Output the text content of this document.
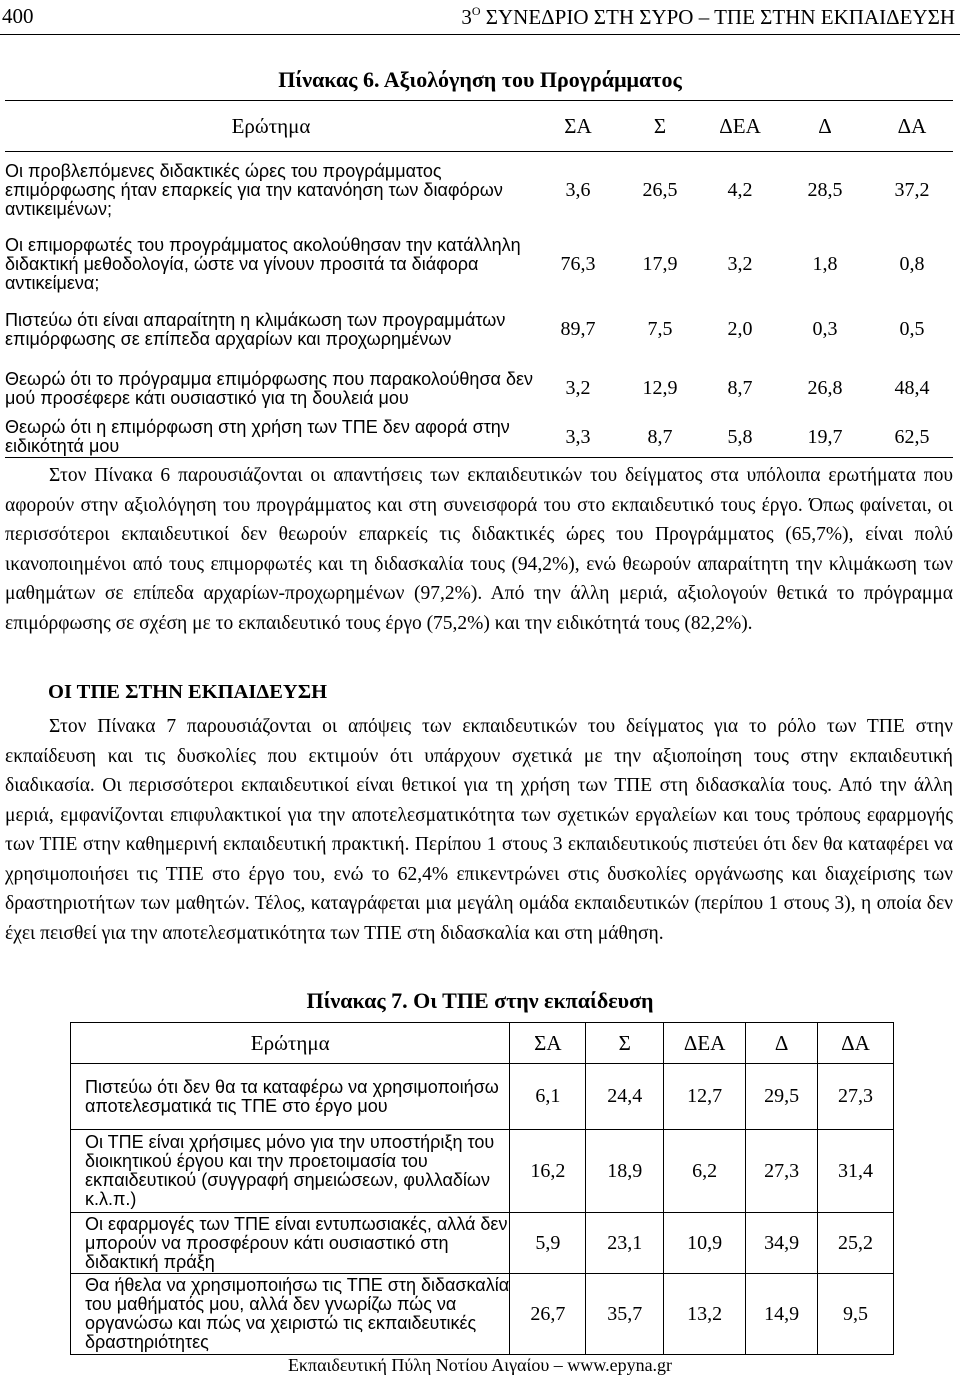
400	$3^O$ ΣΥΝΕΔΡΙΟ ΣΤΗ ΣΥΡΟ – ΤΠΕ ΣΤΗΝ ΕΚΠΑΙΔΕΥΣΗ
Πίνακας 6. Αξιολόγηση του Προγράμματος
Ερώτημα	ΣΑ	Σ	ΔΕΑ	Δ	ΔΑ
Οι προβλεπόμενες διδακτικές ώρες του προγράμματος επιμόρφωσης ήταν επαρκείς για την κατανόηση των διαφόρων αντικειμένων;	3,6	26,5	4,2	28,5	37,2
Οι επιμορφωτές του προγράμματος ακολούθησαν την κατάλληλη διδακτική μεθοδολογία, ώστε να γίνουν προσιτά τα διάφορα αντικείμενα;	76,3	17,9	3,2	1,8	0,8
Πιστεύω ότι είναι απαραίτητη η κλιμάκωση των προγραμμάτων επιμόρφωσης σε επίπεδα αρχαρίων και προχωρημένων	89,7	7,5	2,0	0,3	0,5
Θεωρώ ότι το πρόγραμμα επιμόρφωσης που παρακολούθησα δεν μού προσέφερε κάτι ουσιαστικό για τη δουλειά μου	3,2	12,9	8,7	26,8	48,4
Θεωρώ ότι η επιμόρφωση στη χρήση των ΤΠΕ δεν αφορά στην ειδικότητά μου	3,3	8,7	5,8	19,7	62,5

Στον Πίνακα 6 παρουσιάζονται οι απαντήσεις των εκπαιδευτικών του δείγματος στα υπόλοιπα ερωτήματα που αφορούν στην αξιολόγηση του προγράμματος και στη συνεισφορά του στο εκπαιδευτικό τους έργο. Όπως φαίνεται, οι περισσότεροι εκπαιδευτικοί δεν θεωρούν επαρκείς τις διδακτικές ώρες του Προγράμματος (65,7%), είναι πολύ ικανοποιημένοι από τους επιμορφωτές και τη διδασκαλία τους (94,2%), ενώ θεωρούν απαραίτητη την κλιμάκωση των μαθημάτων σε επίπεδα αρχαρίων-προχωρημένων (97,2%). Από την άλλη μεριά, αξιολογούν θετικά το πρόγραμμα επιμόρφωσης σε σχέση με το εκπαιδευτικό τους έργο (75,2%) και την ειδικότητά τους (82,2%).

ΟΙ ΤΠΕ ΣΤΗΝ ΕΚΠΑΙΔΕΥΣΗ

Στον Πίνακα 7 παρουσιάζονται οι απόψεις των εκπαιδευτικών του δείγματος για το ρόλο των ΤΠΕ στην εκπαίδευση και τις δυσκολίες που εκτιμούν ότι υπάρχουν σχετικά με την αξιοποίηση τους στην εκπαιδευτική διαδικασία. Οι περισσότεροι εκπαιδευτικοί είναι θετικοί για τη χρήση των ΤΠΕ στη διδασκαλία τους. Από την άλλη μεριά, εμφανίζονται επιφυλακτικοί για την αποτελεσματικότητα των σχετικών εργαλείων και τους τρόπους εφαρμογής των ΤΠΕ στην καθημερινή εκπαιδευτική πρακτική. Περίπου 1 στους 3 εκπαιδευτικούς πιστεύει ότι δεν θα καταφέρει να χρησιμοποιήσει τις ΤΠΕ στο έργο του, ενώ το 62,4% επικεντρώνει στις δυσκολίες οργάνωσης και διαχείρισης των δραστηριοτήτων των μαθητών. Τέλος, καταγράφεται μια μεγάλη ομάδα εκπαιδευτικών (περίπου 1 στους 3), η οποία δεν έχει πεισθεί για την αποτελεσματικότητα των ΤΠΕ στη διδασκαλία και στη μάθηση.

Πίνακας 7. Οι ΤΠΕ στην εκπαίδευση
Ερώτημα	ΣΑ	Σ	ΔΕΑ	Δ	ΔΑ
Πιστεύω ότι δεν θα τα καταφέρω να χρησιμοποιήσω αποτελεσματικά τις ΤΠΕ στο έργο μου	6,1	24,4	12,7	29,5	27,3
Οι ΤΠΕ είναι χρήσιμες μόνο για την υποστήριξη του διοικητικού έργου και την προετοιμασία του εκπαιδευτικού (συγγραφή σημειώσεων, φυλλαδίων κ.λ.π.)	16,2	18,9	6,2	27,3	31,4
Οι εφαρμογές των ΤΠΕ είναι εντυπωσιακές, αλλά δεν μπορούν να προσφέρουν κάτι ουσιαστικό στη διδακτική πράξη	5,9	23,1	10,9	34,9	25,2
Θα ήθελα να χρησιμοποιήσω τις ΤΠΕ στη διδασκαλία του μαθήματός μου, αλλά δεν γνωρίζω πώς να οργανώσω και πώς να χειριστώ τις εκπαιδευτικές δραστηριότητες	26,7	35,7	13,2	14,9	9,5
Εκπαιδευτική Πύλη Νοτίου Αιγαίου – www.epyna.gr
